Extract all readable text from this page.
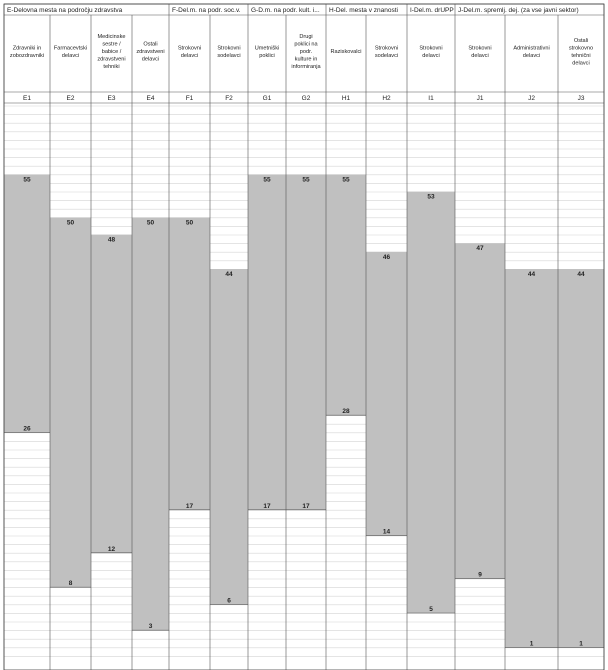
55
26
50
8
48
12
50
3
50
17
44
6
55
17
55
17
55
28
46
14
53
5
47
9
44
1
44
1
E-Delovna mesta na področju zdravstva	F-Del.m. na podr. soc.v. G-D.m. na podr. kult. i... H-Del. mesta v znanosti I-Del.m. drUPP J-Del.m. spremlj. dej. (za vse javni sektor)
Zdravniki in zobozdravniki
E1
Farmacevtski delavci
E2
Medicinske sestre / babice / zdravstveni tehniki
E3
Ostali zdravstveni delavci
E4
Strokovni delavci
F1
Strokovni sodelavci
F2
Umetniški poklici
G1
Drugi poklici na podr. kulture in informiranja
G2
Raziskovalci
H1
Strokovni sodelavci
H2
Strokovni delavci
I1
Strokovni delavci
J1
Administrativni delavci
J2
Ostali strokovno tehnični delavci
J3
